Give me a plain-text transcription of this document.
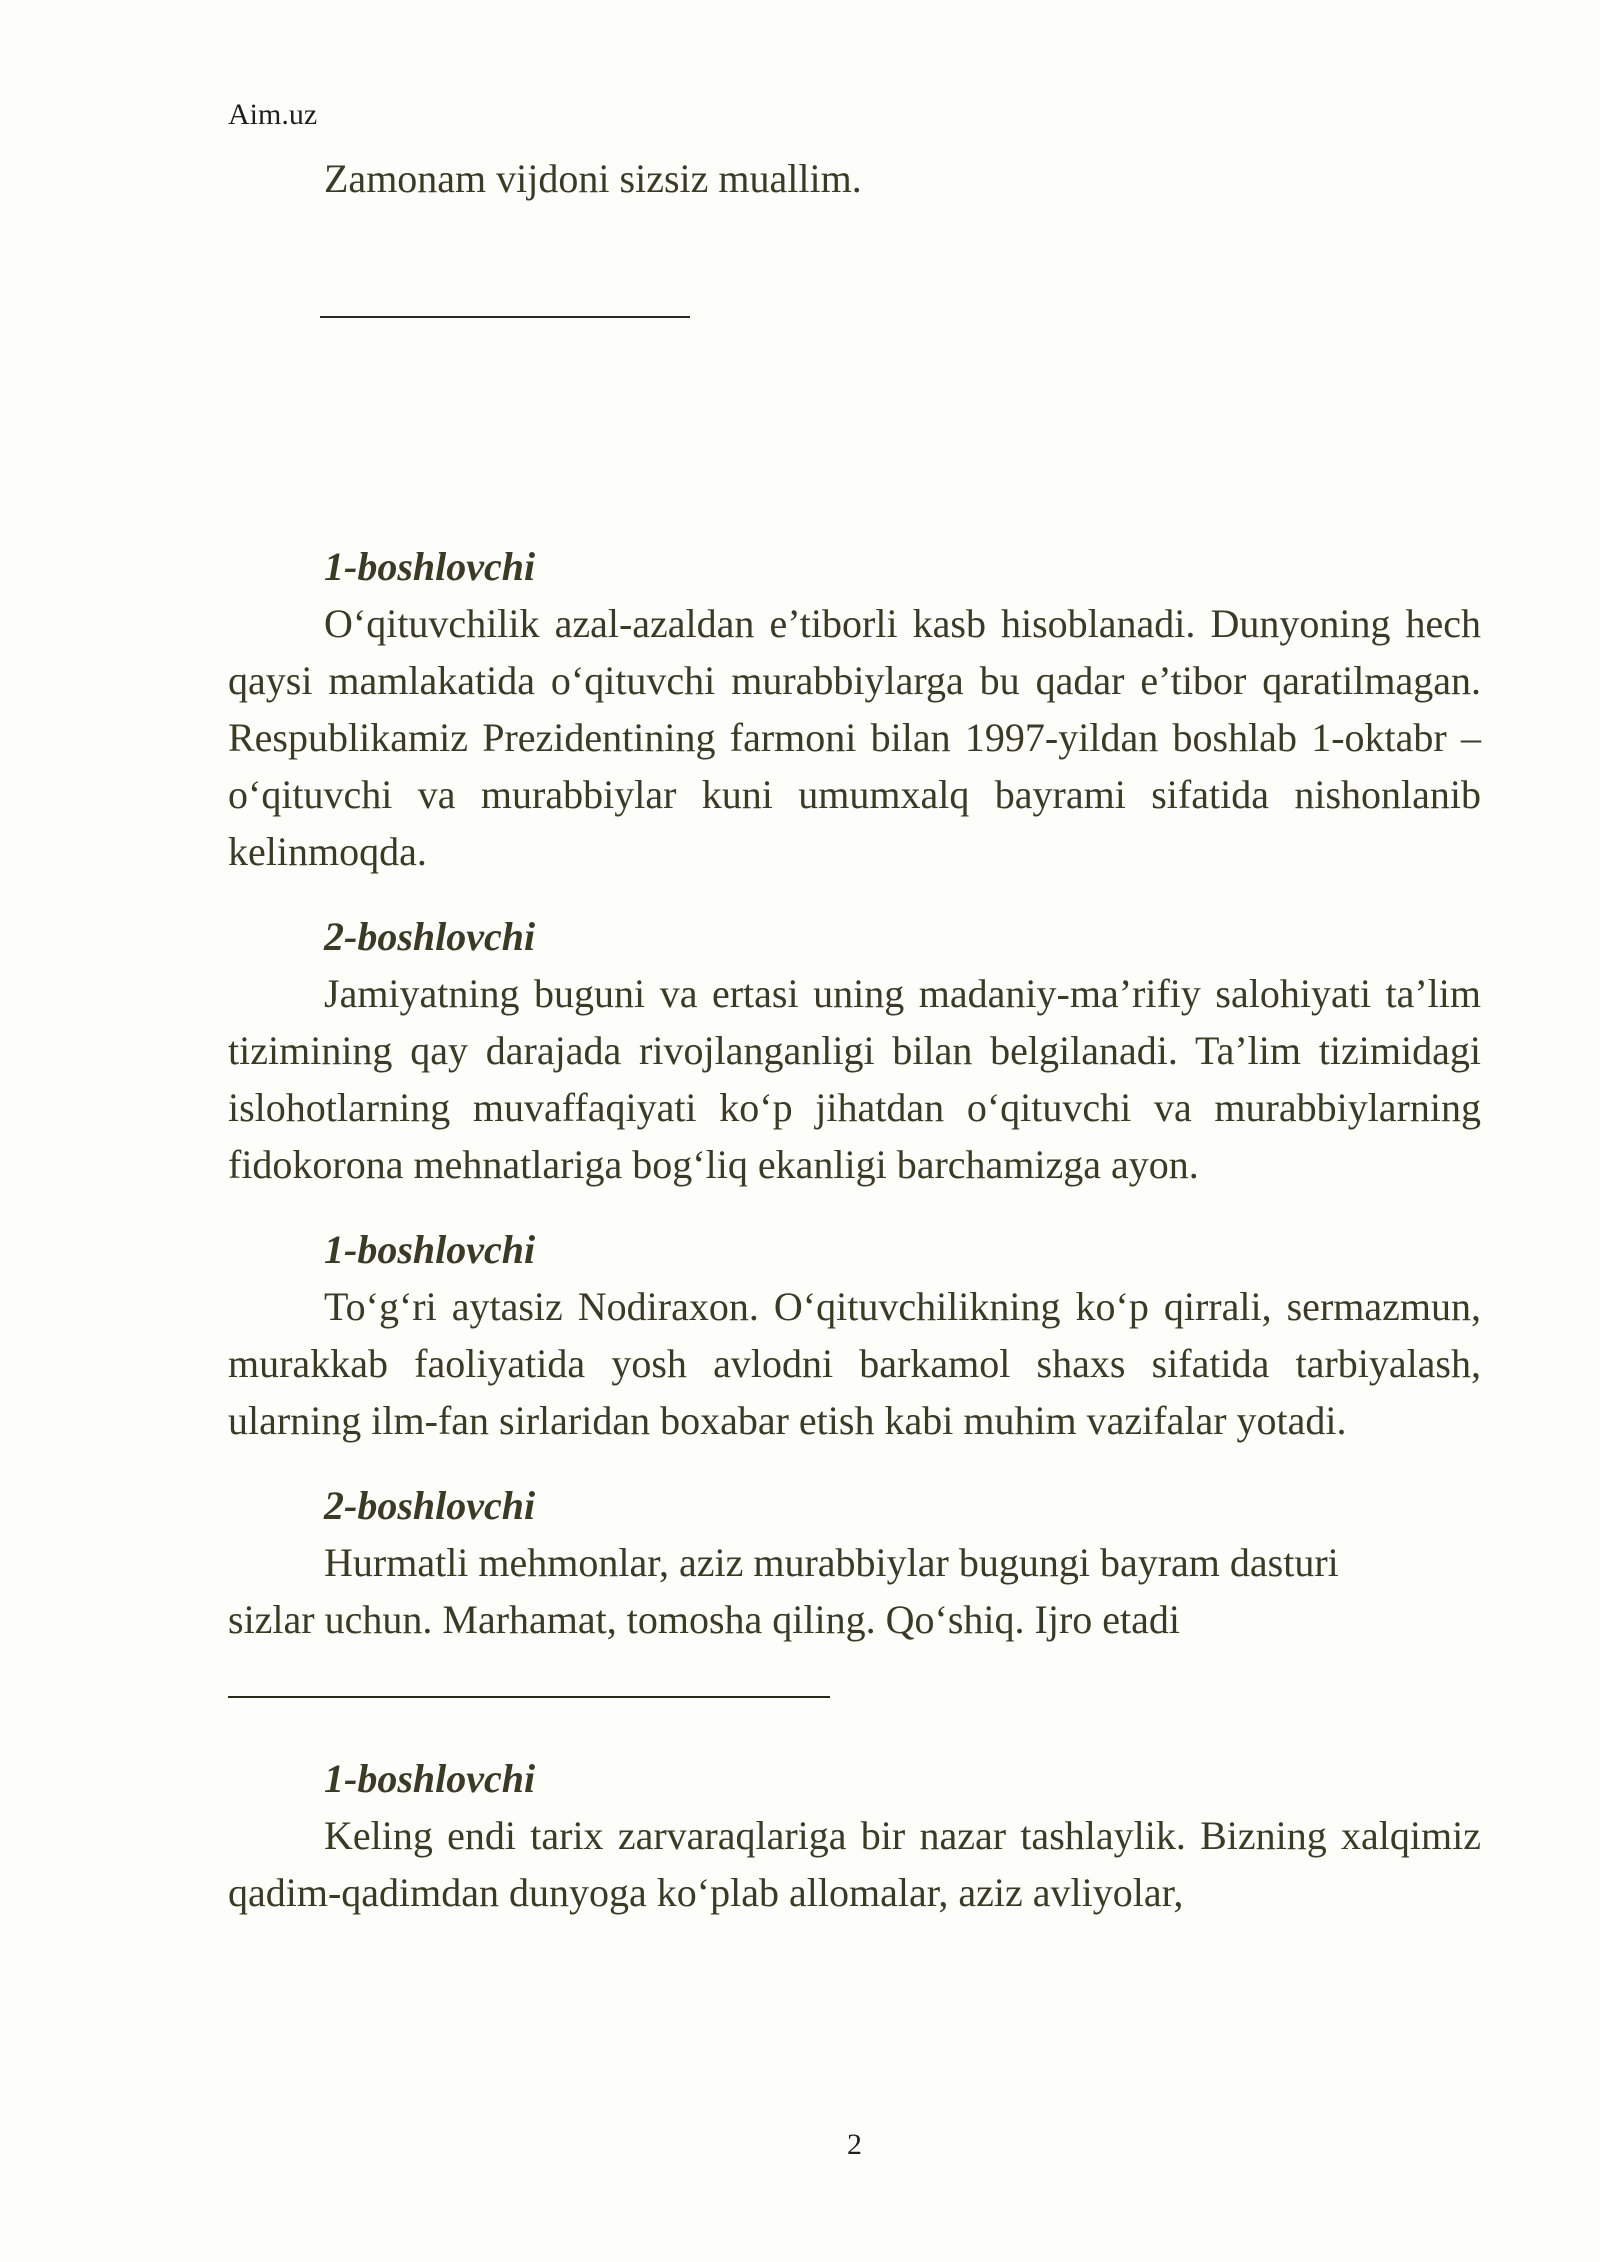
Aim.uz

Zamonam vijdoni sizsiz muallim.

1-boshlovchi

O‘qituvchilik azal-azaldan e’tiborli kasb hisoblanadi. Dunyoning hech qaysi mamlakatida o‘qituvchi murabbiylarga bu qadar e’tibor qaratilmagan. Respublikamiz Prezidentining farmoni bilan 1997-yildan boshlab 1-oktabr – o‘qituvchi va murabbiylar kuni umumxalq bayrami sifatida nishonlanib kelinmoqda.

2-boshlovchi

Jamiyatning buguni va ertasi uning madaniy-ma’rifiy salohiyati ta’lim tizimining qay darajada rivojlanganligi bilan belgilanadi. Ta’lim tizimidagi islohotlarning muvaffaqiyati ko‘p jihatdan o‘qituvchi va murabbiylarning fidokorona mehnatlariga bog‘liq ekanligi barchamizga ayon.

1-boshlovchi

To‘g‘ri aytasiz Nodiraxon. O‘qituvchilikning ko‘p qirrali, sermazmun, murakkab faoliyatida yosh avlodni barkamol shaxs sifatida tarbiyalash, ularning ilm-fan sirlaridan boxabar etish kabi muhim vazifalar yotadi.

2-boshlovchi

Hurmatli mehmonlar, aziz murabbiylar bugungi bayram dasturi

sizlar uchun. Marhamat, tomosha qiling. Qo‘shiq. Ijro etadi

1-boshlovchi

Keling endi tarix zarvaraqlariga bir nazar tashlaylik. Bizning xalqimiz qadim-qadimdan dunyoga ko‘plab allomalar, aziz avliyolar,

2
